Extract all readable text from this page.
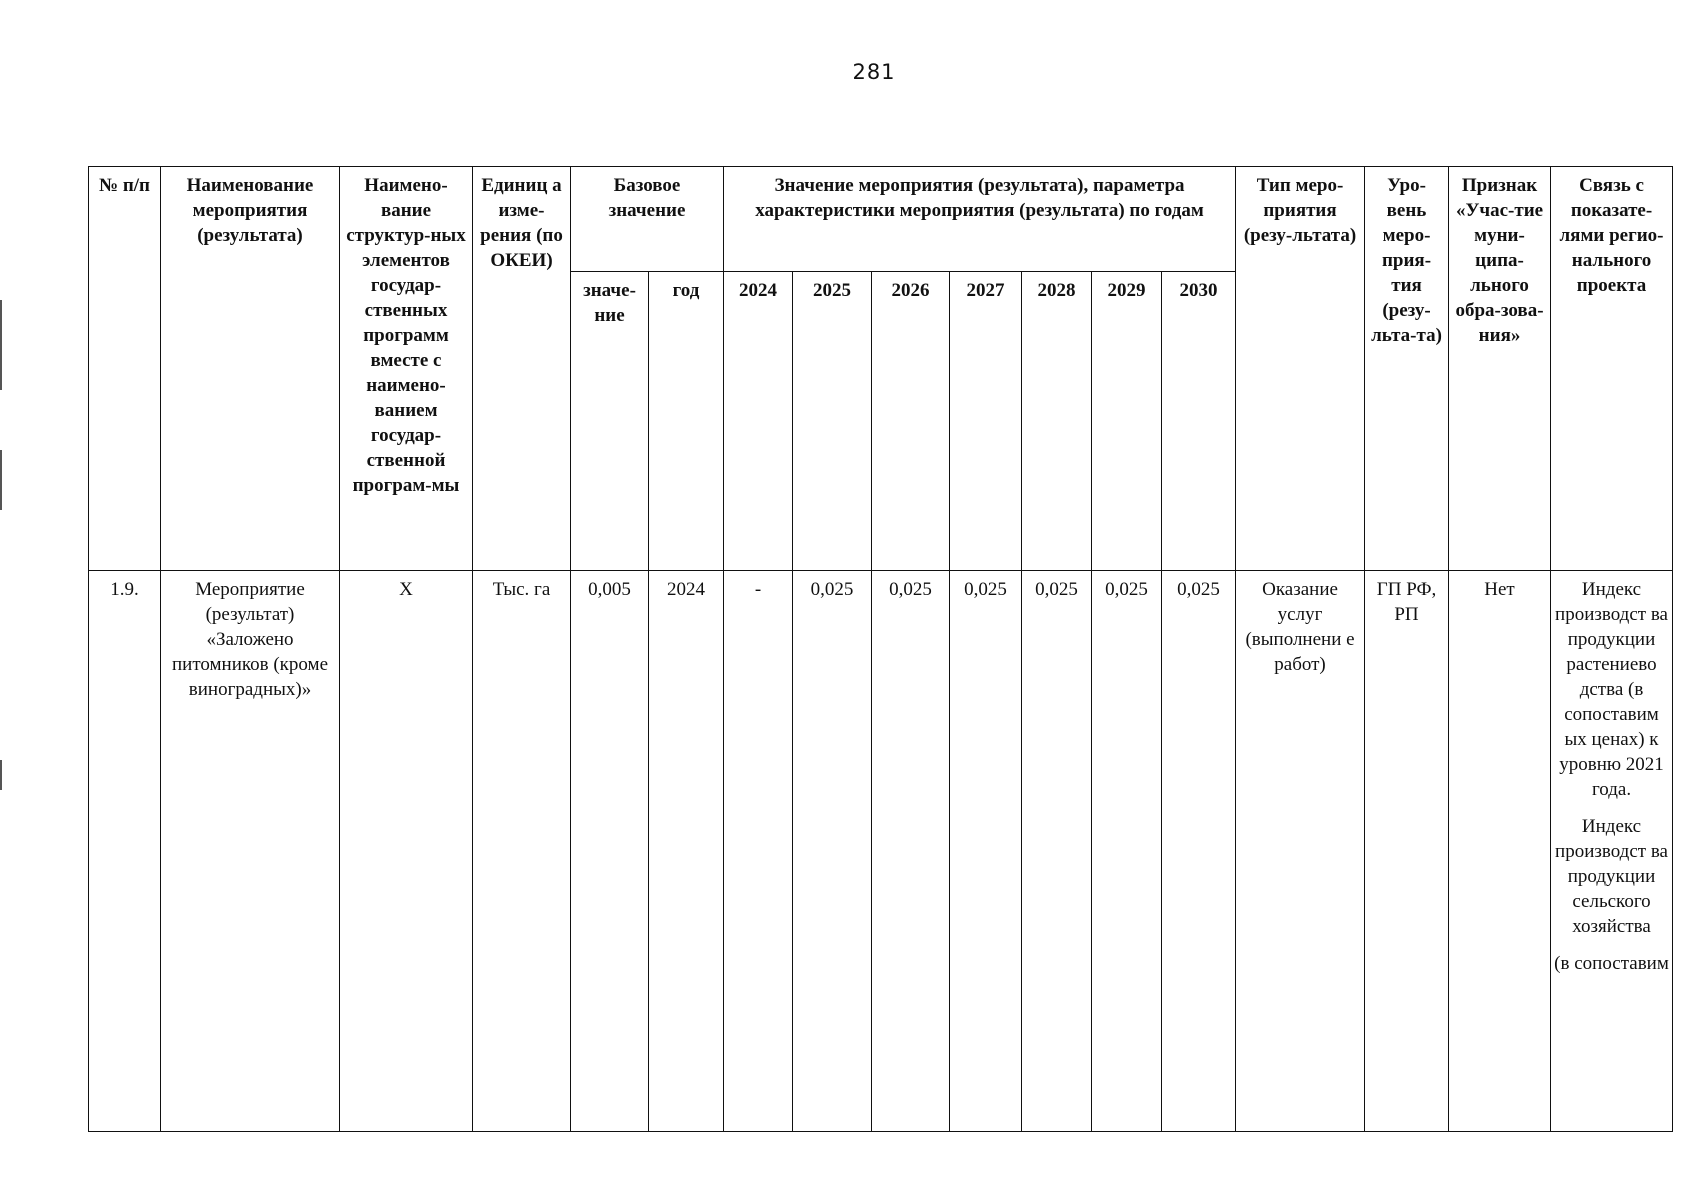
281
№ п/п	Наименование мероприятия (результата)	Наимено-вание структур-ных элементов государ-ственных программ вместе с наимено-ванием государ-ственной програм-мы	Единиц а изме-рения (по ОКЕИ)	Базовое значение		Значение мероприятия (результата), параметра характеристики мероприятия (результата) по годам							Тип меро-приятия (резу-льтата)	Уро-вень меро-прия-тия (резу-льта-та)	Признак «Учас-тие муни-ципа-льного обра-зова-ния»	Связь с показате-лями регио-нального проекта
				значе-ние	год	2024	2025	2026	2027	2028	2029	2030				
1.9.	Мероприятие (результат) «Заложено питомников (кроме виноградных)»	Х	Тыс. га	0,005	2024	-	0,025	0,025	0,025	0,025	0,025	0,025	Оказание услуг (выполнени е работ)	ГП РФ, РП	Нет	Индекс производст ва продукции растениево дства (в сопоставим ых ценах) к уровню 2021 года.
Индекс производст ва продукции сельского хозяйства
(в сопоставим
